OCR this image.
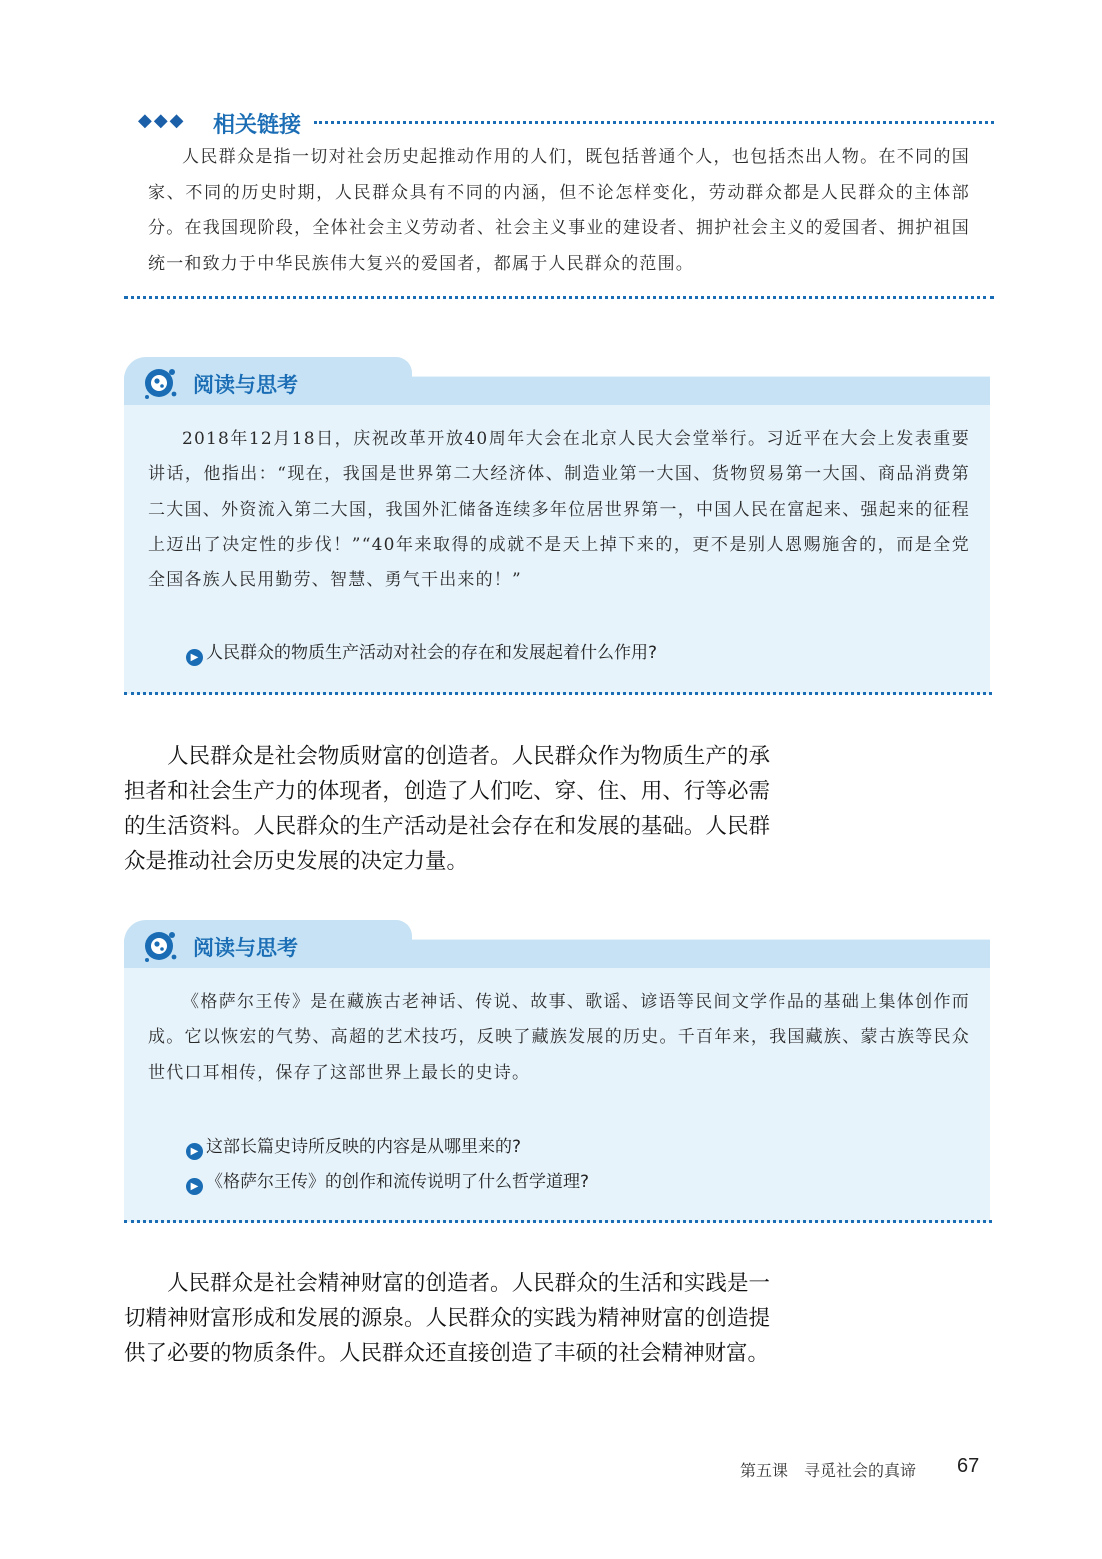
◆◆◆ 相关链接

人民群众是指一切对社会历史起推动作用的人们，既包括普通个人，也包括杰出人物。在不同的国家、不同的历史时期，人民群众具有不同的内涵，但不论怎样变化，劳动群众都是人民群众的主体部分。在我国现阶段，全体社会主义劳动者、社会主义事业的建设者、拥护社会主义的爱国者、拥护祖国统一和致力于中华民族伟大复兴的爱国者，都属于人民群众的范围。

阅读与思考

2018年12月18日，庆祝改革开放40周年大会在北京人民大会堂举行。习近平在大会上发表重要讲话，他指出：“现在，我国是世界第二大经济体、制造业第一大国、货物贸易第一大国、商品消费第二大国、外资流入第二大国，我国外汇储备连续多年位居世界第一，中国人民在富起来、强起来的征程上迈出了决定性的步伐！”“40年来取得的成就不是天上掉下来的，更不是别人恩赐施舍的，而是全党全国各族人民用勤劳、智慧、勇气干出来的！”

▶ 人民群众的物质生产活动对社会的存在和发展起着什么作用?

人民群众是社会物质财富的创造者。人民群众作为物质生产的承担者和社会生产力的体现者，创造了人们吃、穿、住、用、行等必需的生活资料。人民群众的生产活动是社会存在和发展的基础。人民群众是推动社会历史发展的决定力量。

阅读与思考

《格萨尔王传》是在藏族古老神话、传说、故事、歌谣、谚语等民间文学作品的基础上集体创作而成。它以恢宏的气势、高超的艺术技巧，反映了藏族发展的历史。千百年来，我国藏族、蒙古族等民众世代口耳相传，保存了这部世界上最长的史诗。

▶ 这部长篇史诗所反映的内容是从哪里来的?
▶ 《格萨尔王传》的创作和流传说明了什么哲学道理?

人民群众是社会精神财富的创造者。人民群众的生活和实践是一切精神财富形成和发展的源泉。人民群众的实践为精神财富的创造提供了必要的物质条件。人民群众还直接创造了丰硕的社会精神财富。

第五课　寻觅社会的真谛 67
